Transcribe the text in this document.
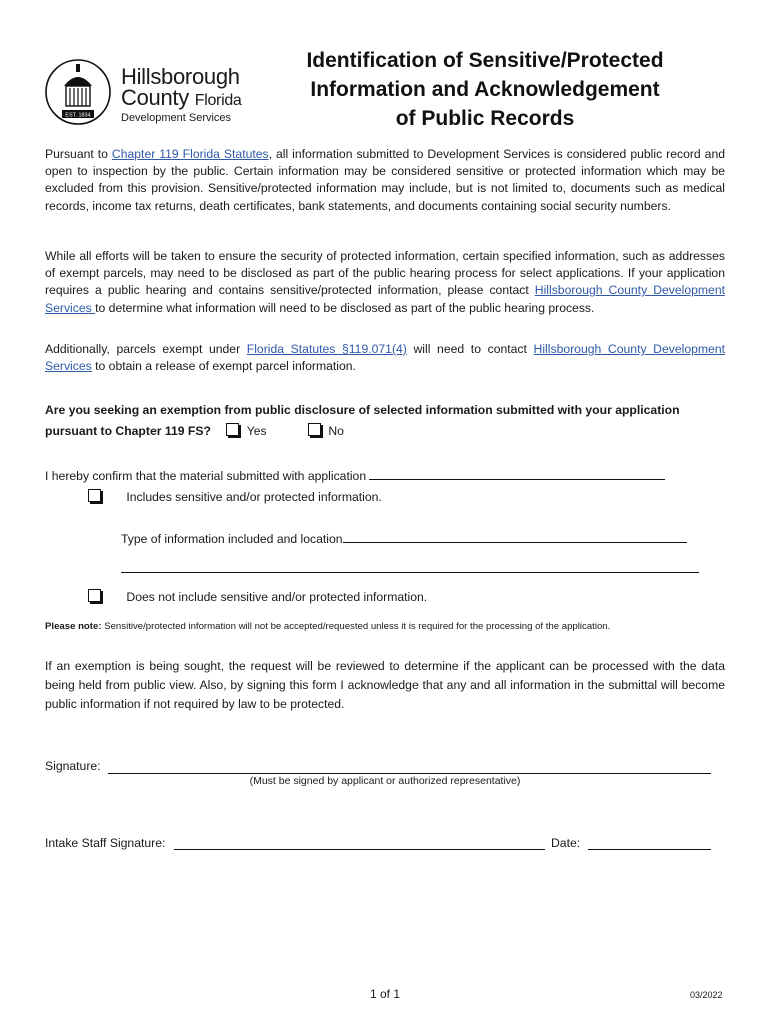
EST. 1834
Hillsborough
County Florida
Development Services
Identification of Sensitive/Protected
Information and Acknowledgement
of Public Records
Pursuant to Chapter 119 Florida Statutes, all information submitted to Development Services is considered public record and open to inspection by the public. Certain information may be considered sensitive or protected information which may be excluded from this provision. Sensitive/protected information may include, but is not limited to, documents such as medical records, income tax returns, death certificates, bank statements, and documents containing social security numbers.
While all efforts will be taken to ensure the security of protected information, certain specified information, such as addresses of exempt parcels, may need to be disclosed as part of the public hearing process for select applications. If your application requires a public hearing and contains sensitive/protected information, please contact Hillsborough County Development Services to determine what information will need to be disclosed as part of the public hearing process.
Additionally, parcels exempt under Florida Statutes §119.071(4) will need to contact Hillsborough County Development Services to obtain a release of exempt parcel information.
Are you seeking an exemption from public disclosure of selected information submitted with your application pursuant to Chapter 119 FS?	Yes	No
I hereby confirm that the material submitted with application
Includes sensitive and/or protected information.
Type of information included and location
Does not include sensitive and/or protected information.
Please note: Sensitive/protected information will not be accepted/requested unless it is required for the processing of the application.
If an exemption is being sought, the request will be reviewed to determine if the applicant can be processed with the data being held from public view. Also, by signing this form I acknowledge that any and all information in the submittal will become public information if not required by law to be protected.
Signature:
(Must be signed by applicant or authorized representative)
Intake Staff Signature:	Date:
1 of 1	03/2022
